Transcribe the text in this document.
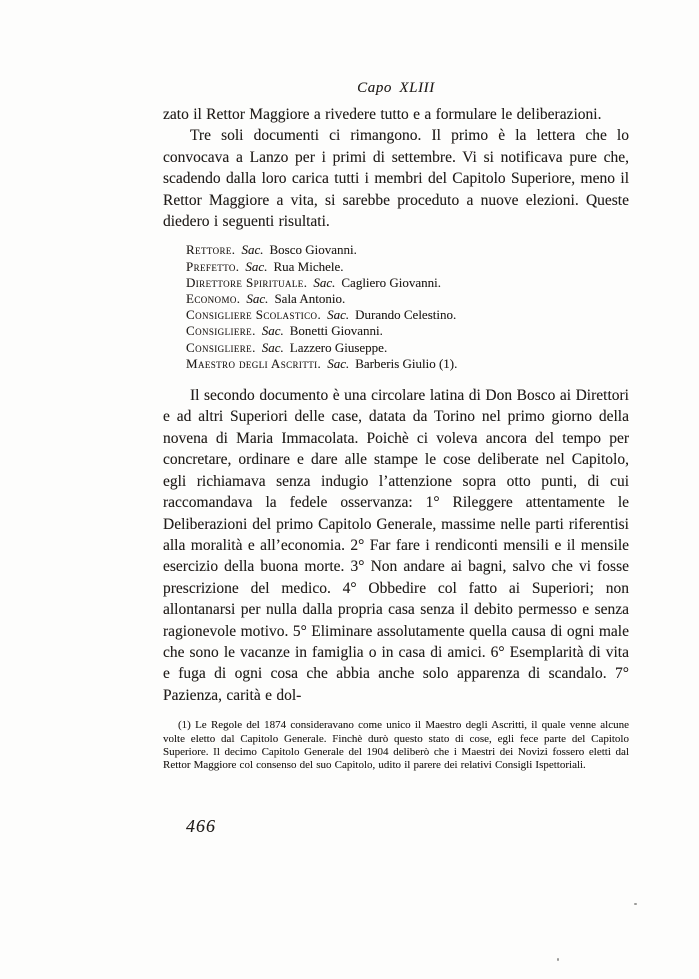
Capo XLIII

zato il Rettor Maggiore a rivedere tutto e a formulare le deliberazioni.

Tre soli documenti ci rimangono. Il primo è la lettera che lo convocava a Lanzo per i primi di settembre. Vi si notificava pure che, scadendo dalla loro carica tutti i membri del Capitolo Superiore, meno il Rettor Maggiore a vita, si sarebbe proceduto a nuove elezioni. Queste diedero i seguenti risultati.

Rettore. Sac. Bosco Giovanni.
Prefetto. Sac. Rua Michele.
Direttore Spirituale. Sac. Cagliero Giovanni.
Economo. Sac. Sala Antonio.
Consigliere Scolastico. Sac. Durando Celestino.
Consigliere. Sac. Bonetti Giovanni.
Consigliere. Sac. Lazzero Giuseppe.
Maestro degli Ascritti. Sac. Barberis Giulio (1).

Il secondo documento è una circolare latina di Don Bosco ai Direttori e ad altri Superiori delle case, datata da Torino nel primo giorno della novena di Maria Immacolata. Poichè ci voleva ancora del tempo per concretare, ordinare e dare alle stampe le cose deliberate nel Capitolo, egli richiamava senza indugio l’attenzione sopra otto punti, di cui raccomandava la fedele osservanza: 1° Rileggere attentamente le Deliberazioni del primo Capitolo Generale, massime nelle parti riferentisi alla moralità e all’economia. 2° Far fare i rendiconti mensili e il mensile esercizio della buona morte. 3° Non andare ai bagni, salvo che vi fosse prescrizione del medico. 4° Obbedire col fatto ai Superiori; non allontanarsi per nulla dalla propria casa senza il debito permesso e senza ragionevole motivo. 5° Eliminare assolutamente quella causa di ogni male che sono le vacanze in famiglia o in casa di amici. 6° Esemplarità di vita e fuga di ogni cosa che abbia anche solo apparenza di scandalo. 7° Pazienza, carità e dol-

(1) Le Regole del 1874 consideravano come unico il Maestro degli Ascritti, il quale venne alcune volte eletto dal Capitolo Generale. Finchè durò questo stato di cose, egli fece parte del Capitolo Superiore. Il decimo Capitolo Generale del 1904 deliberò che i Maestri dei Novizi fossero eletti dal Rettor Maggiore col consenso del suo Capitolo, udito il parere dei relativi Consigli Ispettoriali.
466
